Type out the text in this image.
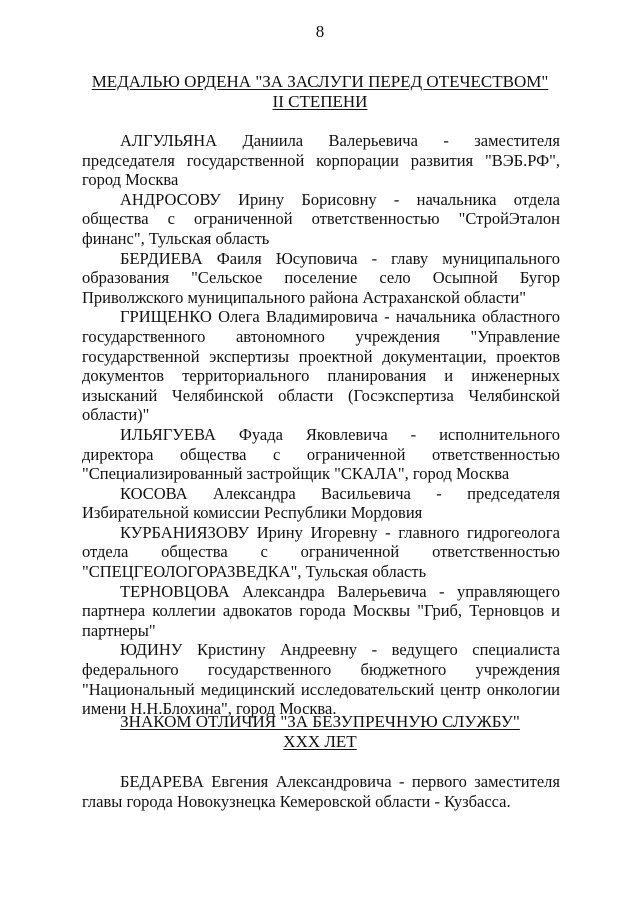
8
МЕДАЛЬЮ ОРДЕНА "ЗА ЗАСЛУГИ ПЕРЕД ОТЕЧЕСТВОМ"
II СТЕПЕНИ

АЛГУЛЬЯНА Даниила Валерьевича - заместителя председателя государственной корпорации развития "ВЭБ.РФ", город Москва

АНДРОСОВУ Ирину Борисовну - начальника отдела общества с ограниченной ответственностью "СтройЭталон финанс", Тульская область

БЕРДИЕВА Фаиля Юсуповича - главу муниципального образования "Сельское поселение село Осыпной Бугор Приволжского муниципального района Астраханской области"

ГРИЩЕНКО Олега Владимировича - начальника областного государственного автономного учреждения "Управление государственной экспертизы проектной документации, проектов документов территориального планирования и инженерных изысканий Челябинской области (Госэкспертиза Челябинской области)"

ИЛЬЯГУЕВА Фуада Яковлевича - исполнительного директора общества с ограниченной ответственностью "Специализированный застройщик "СКАЛА", город Москва

КОСОВА Александра Васильевича - председателя Избирательной комиссии Республики Мордовия

КУРБАНИЯЗОВУ Ирину Игоревну - главного гидрогеолога отдела общества с ограниченной ответственностью "СПЕЦГЕОЛОГОРАЗВЕДКА", Тульская область

ТЕРНОВЦОВА Александра Валерьевича - управляющего партнера коллегии адвокатов города Москвы "Гриб, Терновцов и партнеры"

ЮДИНУ Кристину Андреевну - ведущего специалиста федерального государственного бюджетного учреждения "Национальный медицинский исследовательский центр онкологии имени Н.Н.Блохина", город Москва.

ЗНАКОМ ОТЛИЧИЯ "ЗА БЕЗУПРЕЧНУЮ СЛУЖБУ"
XXX ЛЕТ

БЕДАРЕВА Евгения Александровича - первого заместителя главы города Новокузнецка Кемеровской области - Кузбасса.
